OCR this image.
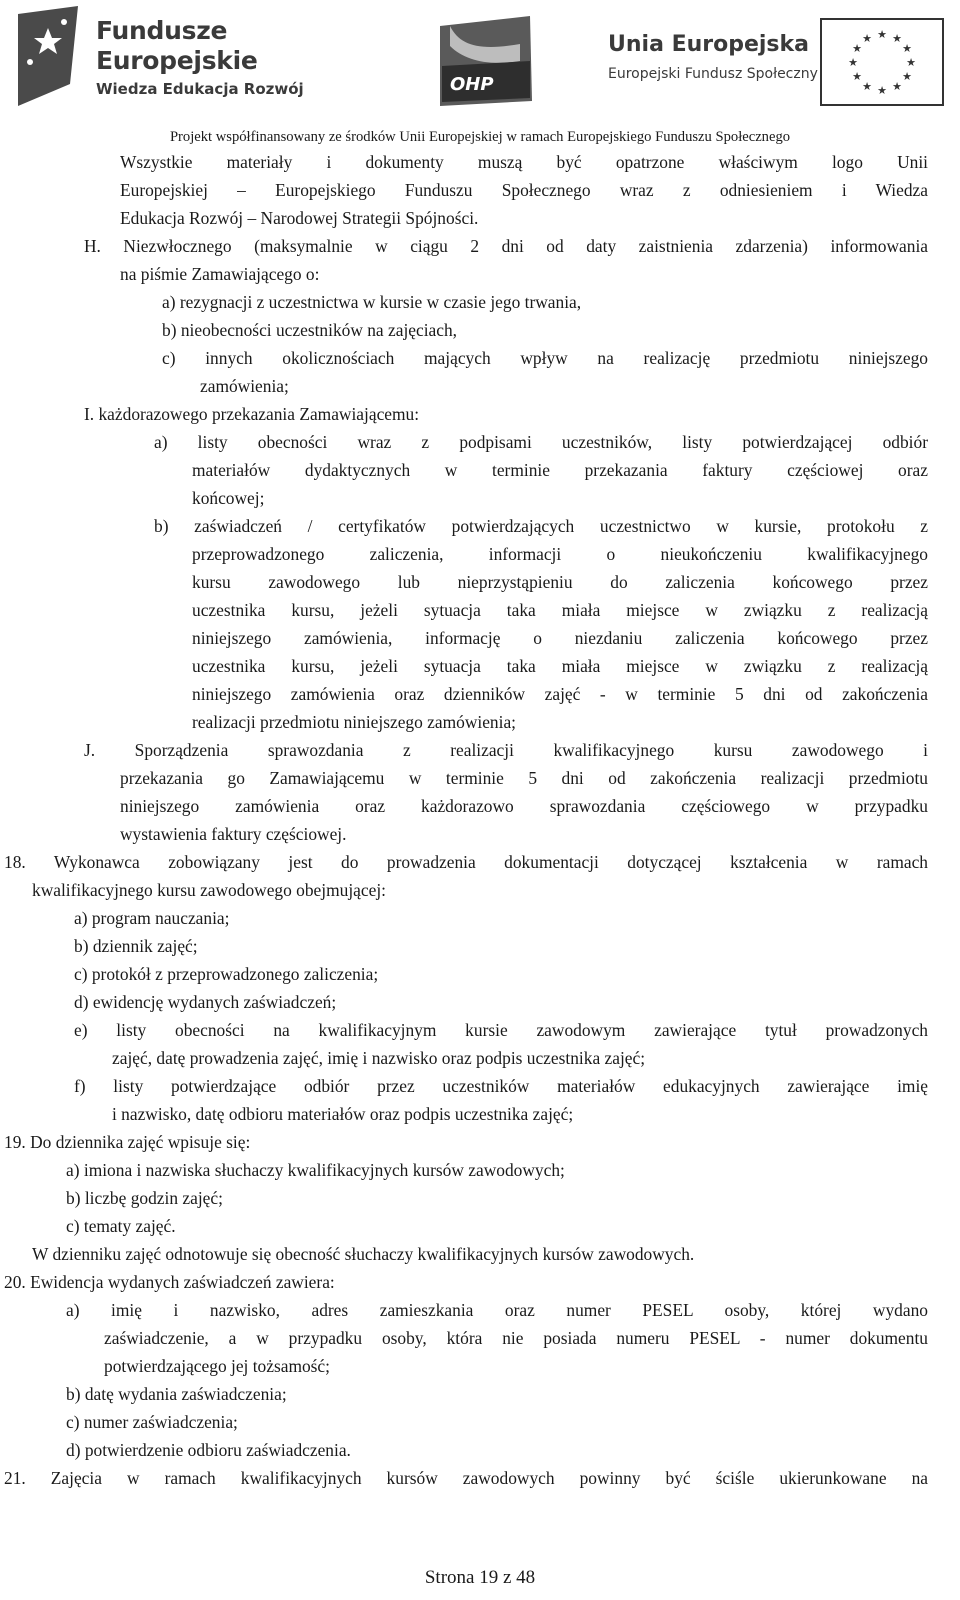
Fundusze
Europejskie
Wiedza Edukacja Rozwój	OHP
Unia Europejska
Europejski Fundusz Społeczny
★ ★
★
★
★
★
★
★
★
★
★
★
Projekt współfinansowany ze środków Unii Europejskiej w ramach Europejskiego Funduszu Społecznego
Wszystkie materiały i dokumenty muszą być opatrzone właściwym logo Unii
Europejskiej – Europejskiego Funduszu Społecznego wraz z odniesieniem i Wiedza
Edukacja Rozwój – Narodowej Strategii Spójności.
H. Niezwłocznego (maksymalnie w ciągu 2 dni od daty zaistnienia zdarzenia) informowania
na piśmie Zamawiającego o:
a) rezygnacji z uczestnictwa w kursie w czasie jego trwania,
b) nieobecności uczestników na zajęciach,
c) innych okolicznościach mających wpływ na realizację przedmiotu niniejszego
zamówienia;
I. każdorazowego przekazania Zamawiającemu:
a) listy obecności wraz z podpisami uczestników, listy potwierdzającej odbiór
materiałów dydaktycznych w terminie przekazania faktury częściowej oraz
końcowej;
b) zaświadczeń / certyfikatów potwierdzających uczestnictwo w kursie, protokołu z
przeprowadzonego zaliczenia, informacji o nieukończeniu kwalifikacyjnego
kursu zawodowego lub nieprzystąpieniu do zaliczenia końcowego przez
uczestnika kursu, jeżeli sytuacja taka miała miejsce w związku z realizacją
niniejszego zamówienia, informację o niezdaniu zaliczenia końcowego przez
uczestnika kursu, jeżeli sytuacja taka miała miejsce w związku z realizacją
niniejszego zamówienia oraz dzienników zajęć - w terminie 5 dni od zakończenia
realizacji przedmiotu niniejszego zamówienia;
J. Sporządzenia sprawozdania z realizacji kwalifikacyjnego kursu zawodowego i
przekazania go Zamawiającemu w terminie 5 dni od zakończenia realizacji przedmiotu
niniejszego zamówienia oraz każdorazowo sprawozdania częściowego w przypadku
wystawienia faktury częściowej.
18. Wykonawca zobowiązany jest do prowadzenia dokumentacji dotyczącej kształcenia w ramach
kwalifikacyjnego kursu zawodowego obejmującej:
a) program nauczania;
b) dziennik zajęć;
c) protokół z przeprowadzonego zaliczenia;
d) ewidencję wydanych zaświadczeń;
e) listy obecności na kwalifikacyjnym kursie zawodowym zawierające tytuł prowadzonych
zajęć, datę prowadzenia zajęć, imię i nazwisko oraz podpis uczestnika zajęć;
f) listy potwierdzające odbiór przez uczestników materiałów edukacyjnych zawierające imię
i nazwisko, datę odbioru materiałów oraz podpis uczestnika zajęć;
19. Do dziennika zajęć wpisuje się:
a) imiona i nazwiska słuchaczy kwalifikacyjnych kursów zawodowych;
b) liczbę godzin zajęć;
c) tematy zajęć.
W dzienniku zajęć odnotowuje się obecność słuchaczy kwalifikacyjnych kursów zawodowych.
20. Ewidencja wydanych zaświadczeń zawiera:
a) imię i nazwisko, adres zamieszkania oraz numer PESEL osoby, której wydano
zaświadczenie, a w przypadku osoby, która nie posiada numeru PESEL - numer dokumentu
potwierdzającego jej tożsamość;
b) datę wydania zaświadczenia;
c) numer zaświadczenia;
d) potwierdzenie odbioru zaświadczenia.
21. Zajęcia w ramach kwalifikacyjnych kursów zawodowych powinny być ściśle ukierunkowane na
Strona 19 z 48
